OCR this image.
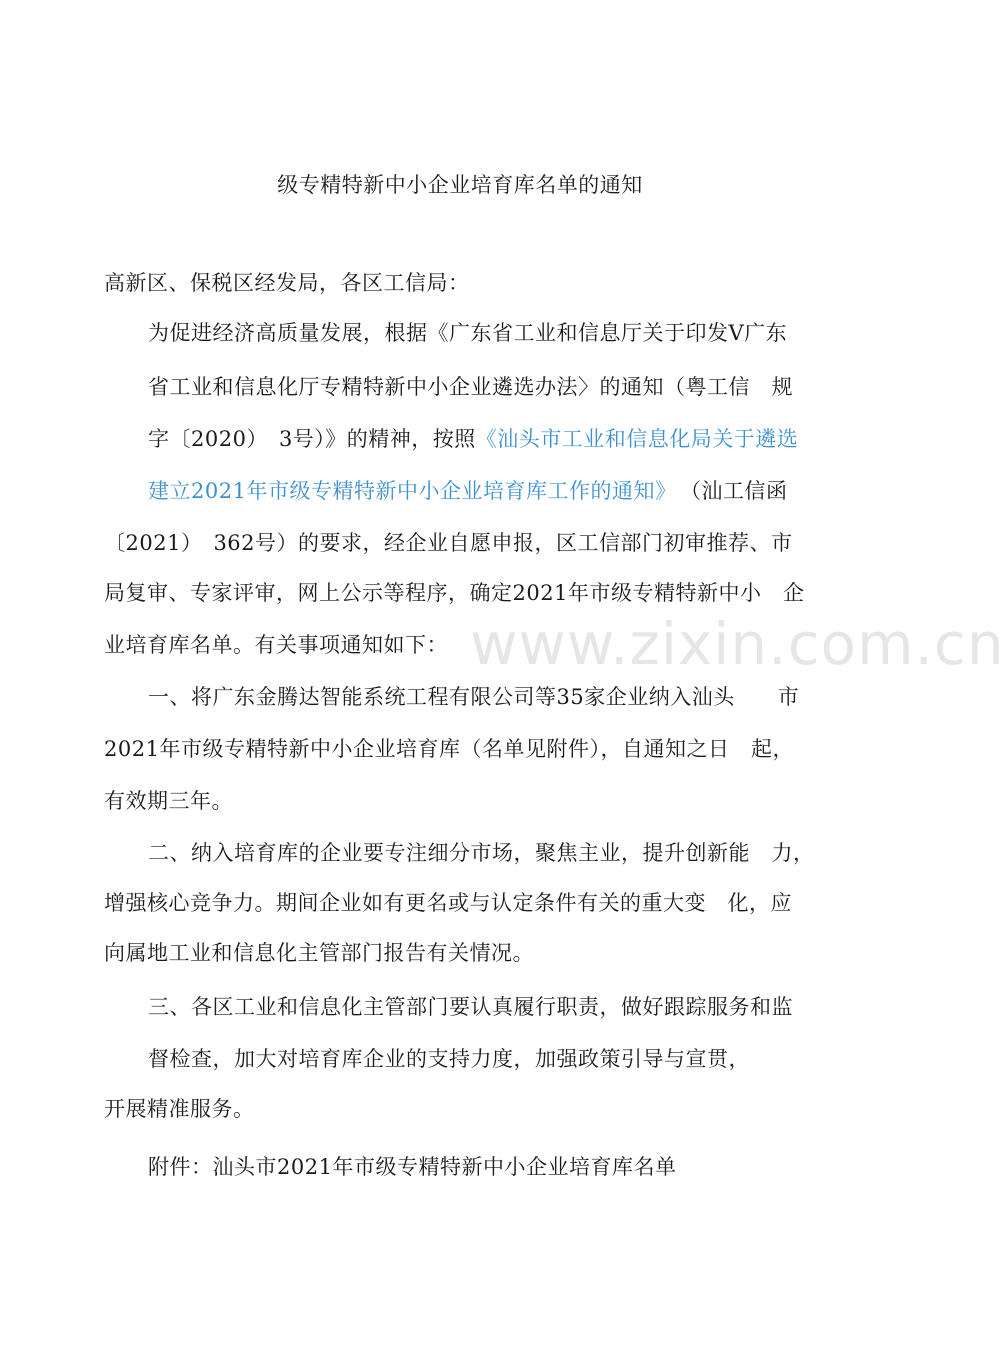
www.zixin.com.cn
级专精特新中小企业培育库名单的通知
高新区、保税区经发局，各区工信局：
为促进经济高质量发展，根据《广东省工业和信息厅关于印发V广东
省工业和信息化厅专精特新中小企业遴选办法〉的通知（粤工信　规
字〔2020）　3号）》的精神，按照《汕头市工业和信息化局关于遴选
建立2021年市级专精特新中小企业培育库工作的通知》 （汕工信函
〔2021）　362号）的要求，经企业自愿申报，区工信部门初审推荐、市
局复审、专家评审，网上公示等程序，确定2021年市级专精特新中小　企
业培育库名单。有关事项通知如下：
一、将广东金腾达智能系统工程有限公司等35家企业纳入汕头　　市
2021年市级专精特新中小企业培育库（名单见附件），自通知之日　起，
有效期三年。
二、纳入培育库的企业要专注细分市场，聚焦主业，提升创新能　力，
增强核心竞争力。期间企业如有更名或与认定条件有关的重大变　化，应
向属地工业和信息化主管部门报告有关情况。
三、各区工业和信息化主管部门要认真履行职责，做好跟踪服务和监
督检查，加大对培育库企业的支持力度，加强政策引导与宣贯，
开展精准服务。
附件：汕头市2021年市级专精特新中小企业培育库名单
